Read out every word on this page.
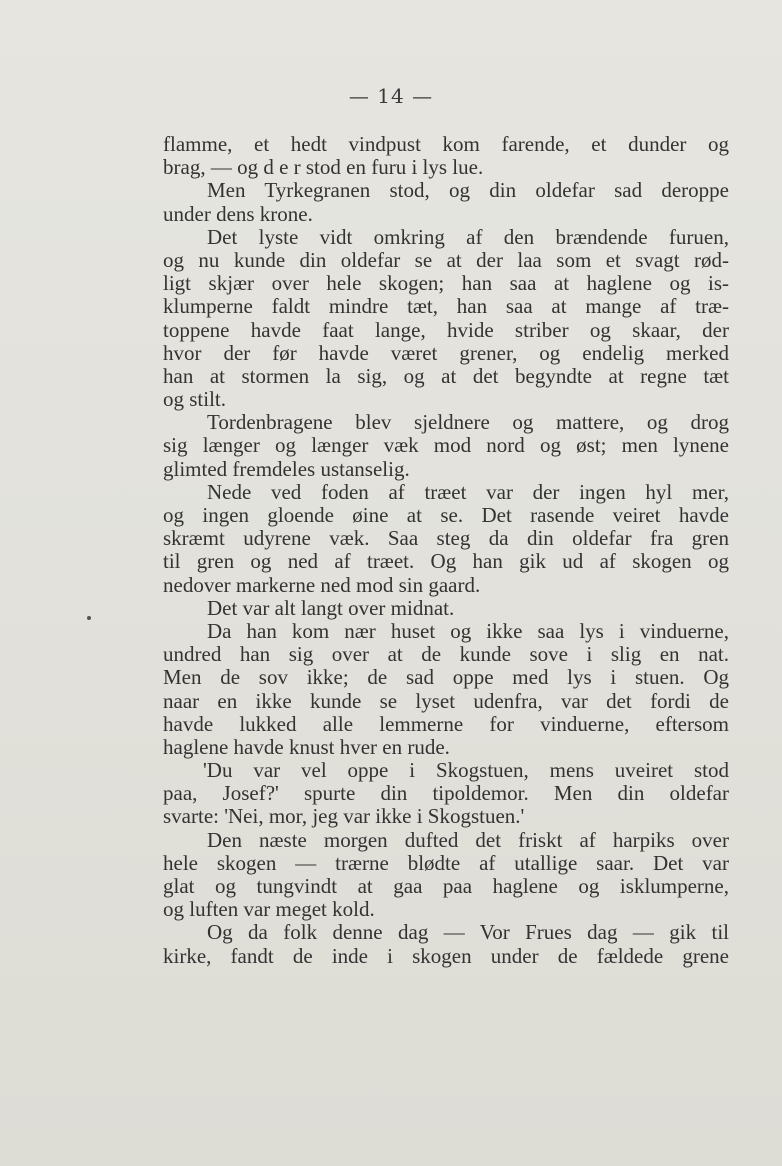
— 14 —
flamme, et hedt vindpust kom farende, et dunder og
brag, — og d e r stod en furu i lys lue.
Men Tyrkegranen stod, og din oldefar sad deroppe
under dens krone.
Det lyste vidt omkring af den brændende furuen,
og nu kunde din oldefar se at der laa som et svagt rød-
ligt skjær over hele skogen; han saa at haglene og is-
klumperne faldt mindre tæt, han saa at mange af træ-
toppene havde faat lange, hvide striber og skaar, der
hvor der før havde været grener, og endelig merked
han at stormen la sig, og at det begyndte at regne tæt
og stilt.
Tordenbragene blev sjeldnere og mattere, og drog
sig længer og længer væk mod nord og øst; men lynene
glimted fremdeles ustanselig.
Nede ved foden af træet var der ingen hyl mer,
og ingen gloende øine at se. Det rasende veiret havde
skræmt udyrene væk. Saa steg da din oldefar fra gren
til gren og ned af træet. Og han gik ud af skogen og
nedover markerne ned mod sin gaard.
Det var alt langt over midnat.
Da han kom nær huset og ikke saa lys i vinduerne,
undred han sig over at de kunde sove i slig en nat.
Men de sov ikke; de sad oppe med lys i stuen. Og
naar en ikke kunde se lyset udenfra, var det fordi de
havde lukked alle lemmerne for vinduerne, eftersom
haglene havde knust hver en rude.
'Du var vel oppe i Skogstuen, mens uveiret stod
paa, Josef?' spurte din tipoldemor. Men din oldefar
svarte: 'Nei, mor, jeg var ikke i Skogstuen.'
Den næste morgen dufted det friskt af harpiks over
hele skogen — trærne blødte af utallige saar. Det var
glat og tungvindt at gaa paa haglene og isklumperne,
og luften var meget kold.
Og da folk denne dag — Vor Frues dag — gik til
kirke, fandt de inde i skogen under de fældede grene
